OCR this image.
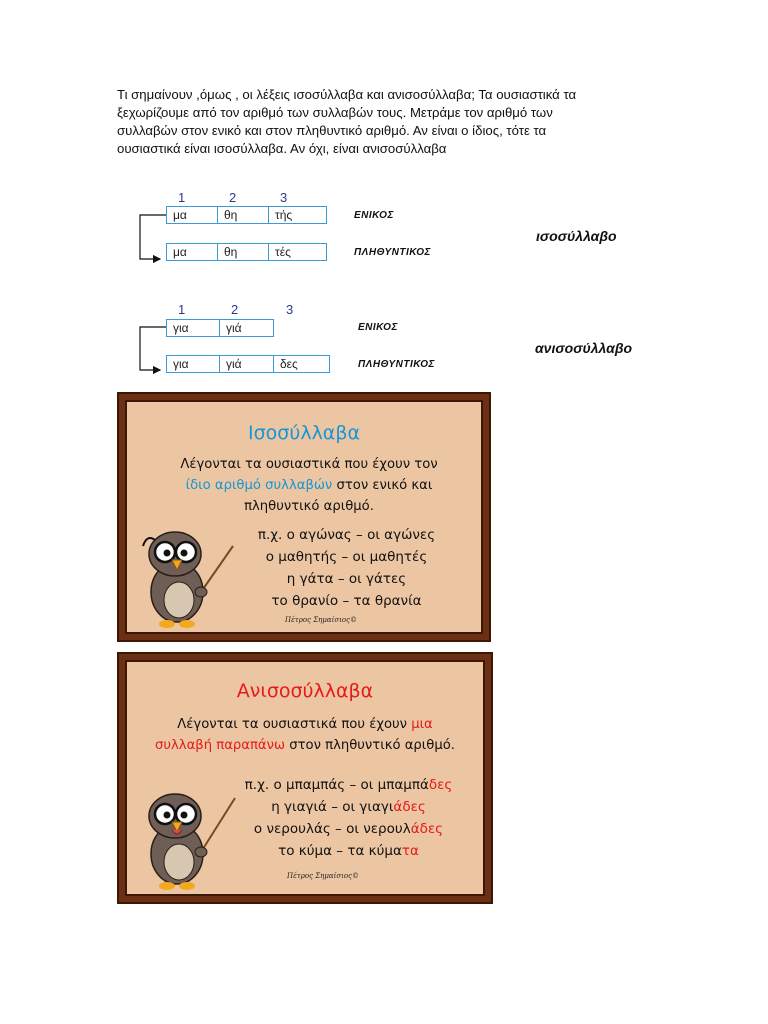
Τι σημαίνουν ,όμως , οι λέξεις ισοσύλλαβα και ανισοσύλλαβα; Τα ουσιαστικά τα

ξεχωρίζουμε από τον αριθμό των συλλαβών τους. Μετράμε τον αριθμό των

συλλαβών στον ενικό και στον πληθυντικό αριθμό. Αν είναι ο ίδιος, τότε τα

ουσιαστικά είναι ισοσύλλαβα. Αν όχι, είναι ανισοσύλλαβα

1	2	3
μα	θη	τής	ΕΝΙΚΟΣ
μα	θη	τές	ΠΛΗΘΥΝΤΙΚΟΣ
ισοσύλλαβο
1	2	3
για	γιά	ΕΝΙΚΟΣ
για	γιά	δες	ΠΛΗΘΥΝΤΙΚΟΣ
ανισοσύλλαβο
Ισοσύλλαβα
Λέγονται τα ουσιαστικά που έχουν τον
ίδιο αριθμό συλλαβών στον ενικό και
πληθυντικό αριθμό.
π.χ. ο αγώνας – οι αγώνες
ο μαθητής – οι μαθητές
η γάτα – οι γάτες
το θρανίο – τα θρανία
Πέτρος Σημαίσιος©
Ανισοσύλλαβα
Λέγονται τα ουσιαστικά που έχουν μια
συλλαβή παραπάνω στον πληθυντικό αριθμό.
π.χ. ο μπαμπάς – οι μπαμπάδες
η γιαγιά – οι γιαγιάδες
ο νερουλάς – οι νερουλάδες
το κύμα – τα κύματα
Πέτρος Σημαίσιος©
